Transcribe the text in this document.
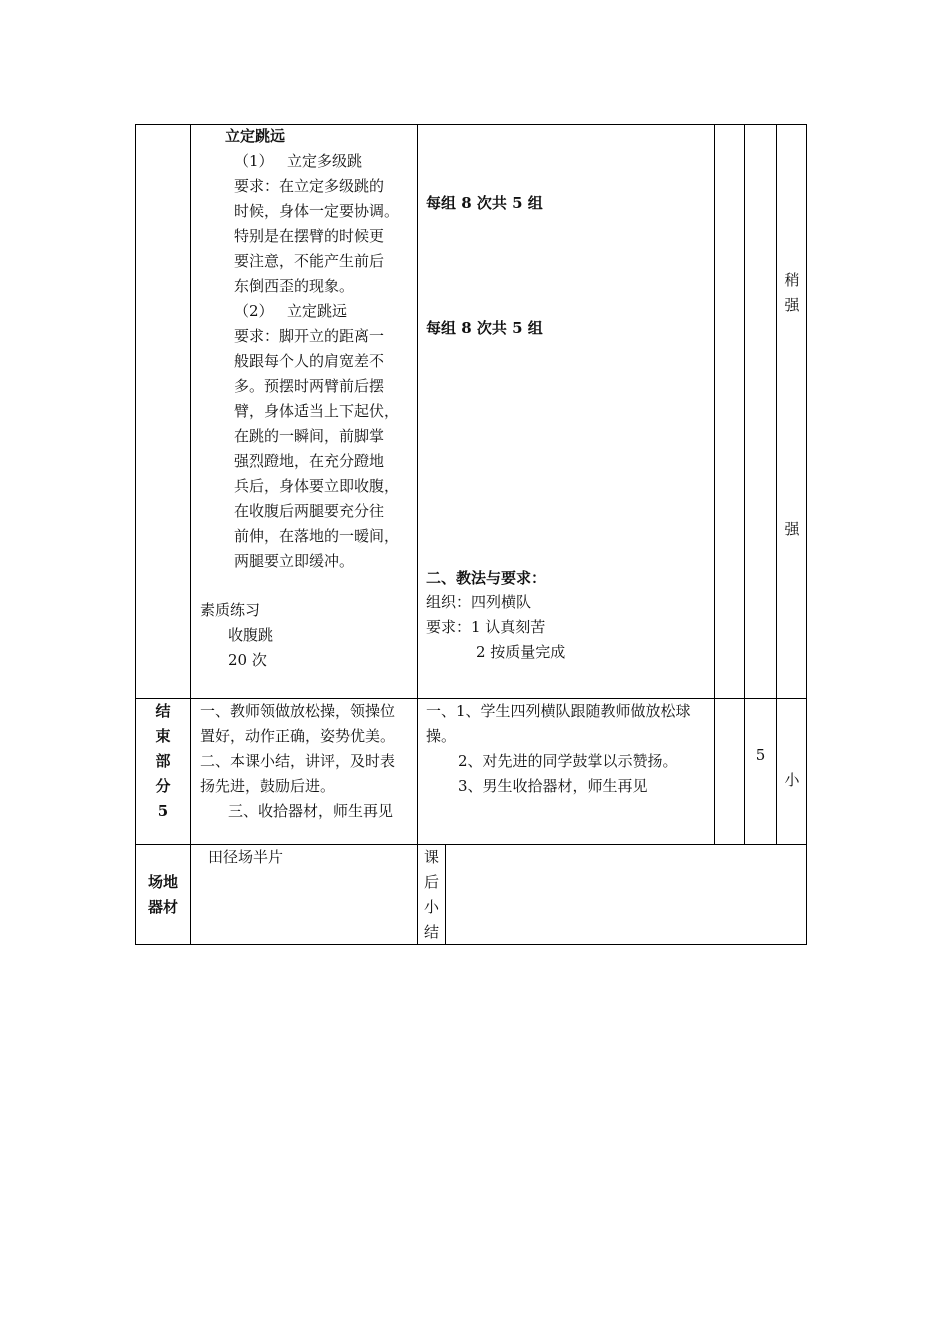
立定跳远
（1） 立定多级跳
要求：在立定多级跳的
时候，身体一定要协调。
特别是在摆臂的时候更
要注意，不能产生前后
东倒西歪的现象。
（2） 立定跳远
要求：脚开立的距离一
般跟每个人的肩宽差不
多。预摆时两臂前后摆
臂，身体适当上下起伏，
在跳的一瞬间，前脚掌
强烈蹬地，在充分蹬地
兵后，身体要立即收腹，
在收腹后两腿要充分往
前伸，在落地的一暧间，
两腿要立即缓冲。
素质练习
收腹跳
20 次
每组 8 次共 5 组
每组 8 次共 5 组
二、教法与要求：
组织：四列横队
要求：1 认真刻苦
2 按质量完成
稍
强
强
结
束
部
分
5
一、教师领做放松操，领操位
置好，动作正确，姿势优美。
二、本课小结，讲评，及时表
扬先进，鼓励后进。
三、收拾器材，师生再见
一、1、学生四列横队跟随教师做放松球
操。
2、对先进的同学鼓掌以示赞扬。
3、男生收拾器材，师生再见
5
小
场地
器材
田径场半片	课
后
小
结
